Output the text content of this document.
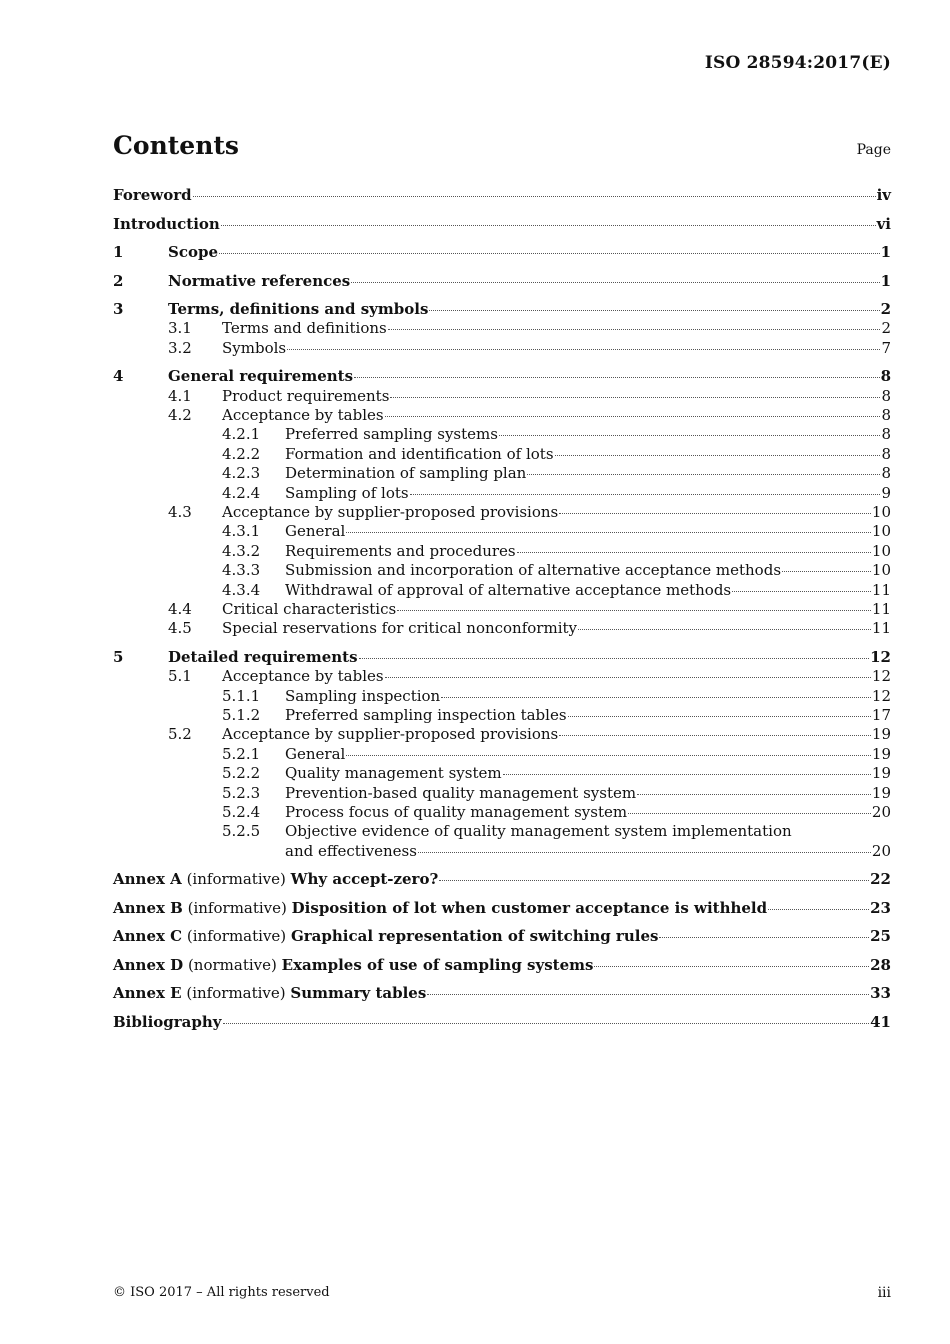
ISO 28594:2017(E)
Contents	Page
Foreword	iv
Introduction	vi
1	Scope	1
2	Normative references	1
3	Terms, definitions and symbols	2
3.1 Terms and definitions	2
3.2 Symbols	7
4	General requirements	8
4.1 Product requirements	8
4.2 Acceptance by tables	8
4.2.1 Preferred sampling systems	8
4.2.2 Formation and identification of lots	8
4.2.3 Determination of sampling plan	8
4.2.4 Sampling of lots	9
4.3 Acceptance by supplier-proposed provisions	10
4.3.1 General	10
4.3.2 Requirements and procedures	10
4.3.3 Submission and incorporation of alternative acceptance methods	10
4.3.4 Withdrawal of approval of alternative acceptance methods	11
4.4 Critical characteristics	11
4.5 Special reservations for critical nonconformity	11
5	Detailed requirements	12
5.1 Acceptance by tables	12
5.1.1 Sampling inspection	12
5.1.2 Preferred sampling inspection tables	17
5.2 Acceptance by supplier-proposed provisions	19
5.2.1 General	19
5.2.2 Quality management system	19
5.2.3 Prevention-based quality management system	19
5.2.4 Process focus of quality management system	20
5.2.5 Objective evidence of quality management system implementation
and effectiveness	20
Annex A (informative) Why accept-zero?	22
Annex B (informative) Disposition of lot when customer acceptance is withheld	23
Annex C (informative) Graphical representation of switching rules	25
Annex D (normative) Examples of use of sampling systems	28
Annex E (informative) Summary tables	33
Bibliography	41
© ISO 2017 – All rights reserved	iii
